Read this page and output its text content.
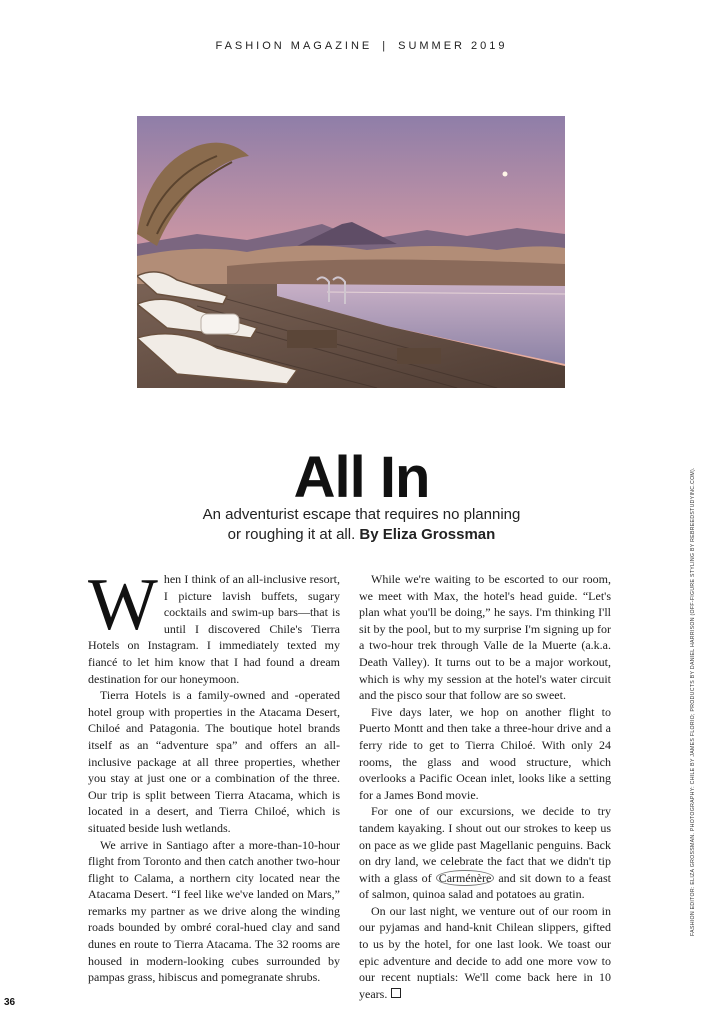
FASHION MAGAZINE | SUMMER 2019
All In
An adventurist escape that requires no planning
or roughing it at all. By Eliza Grossman

When I think of an all-inclusive resort, I picture lavish buffets, sugary cocktails and swim-up bars—that is until I discovered Chile's Tierra Hotels on Instagram. I immediately texted my fiancé to let him know that I had found a dream destination for our honeymoon.

Tierra Hotels is a family-owned and -operated hotel group with properties in the Atacama Desert, Chiloé and Patagonia. The boutique hotel brands itself as an “adventure spa” and offers an all-inclusive package at all three properties, whether you stay at just one or a combination of the three. Our trip is split between Tierra Atacama, which is located in a desert, and Tierra Chiloé, which is situated beside lush wetlands.

We arrive in Santiago after a more-than-10-hour flight from Toronto and then catch another two-hour flight to Calama, a northern city located near the Atacama Desert. “I feel like we've landed on Mars,” remarks my partner as we drive along the winding roads bounded by ombré coral-hued clay and sand dunes en route to Tierra Atacama. The 32 rooms are housed in modern-looking cubes surrounded by pampas grass, hibiscus and pomegranate shrubs.

While we're waiting to be escorted to our room, we meet with Max, the hotel's head guide. “Let's plan what you'll be doing,” he says. I'm thinking I'll sit by the pool, but to my surprise I'm signing up for a two-hour trek through Valle de la Muerte (a.k.a. Death Valley). It turns out to be a major workout, which is why my session at the hotel's water circuit and the pisco sour that follow are so sweet.

Five days later, we hop on another flight to Puerto Montt and then take a three-hour drive and a ferry ride to get to Tierra Chiloé. With only 24 rooms, the glass and wood structure, which overlooks a Pacific Ocean inlet, looks like a setting for a James Bond movie.

For one of our excursions, we decide to try tandem kayaking. I shout out our strokes to keep us on pace as we glide past Magellanic penguins. Back on dry land, we celebrate the fact that we didn't tip with a glass of Carménère and sit down to a feast of salmon, quinoa salad and potatoes au gratin.

On our last night, we venture out of our room in our pyjamas and hand-knit Chilean slippers, gifted to us by the hotel, for one last look. We toast our epic adventure and decide to add one more vow to our recent nuptials: We'll come back here in 10 years.

FASHION EDITOR: ELIZA GROSSMAN. PHOTOGRAPHY: CHILE BY JAMES FLORIO; PRODUCTS BY DANIEL HARRISON (OFF-FIGURE STYLING BY REBREEDSTUDYINC.COM).
36
